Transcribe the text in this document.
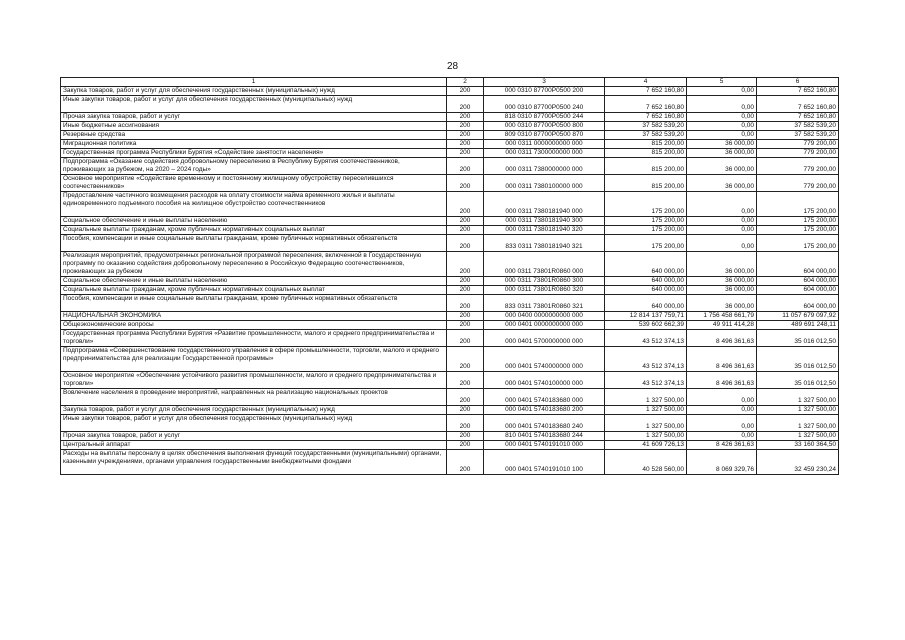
28
1	2	3	4	5	6
Закупка товаров, работ и услуг для обеспечения государственных (муниципальных) нужд	200	000 0310 87700P0500 200	7 652 160,80	0,00	7 652 160,80
Иные закупки товаров, работ и услуг для обеспечения государственных (муниципальных) нужд	200	000 0310 87700P0500 240	7 652 160,80	0,00	7 652 160,80
Прочая закупка товаров, работ и услуг	200	818 0310 87700P0500 244	7 652 160,80	0,00	7 652 160,80
Иные бюджетные ассигнования	200	000 0310 87700P0500 800	37 582 539,20	0,00	37 582 539,20
Резервные средства	200	809 0310 87700P0500 870	37 582 539,20	0,00	37 582 539,20
Миграционная политика	200	000 0311 0000000000 000	815 200,00	36 000,00	779 200,00
Государственная программа Республики Бурятия «Содействие занятости населения»	200	000 0311 7300000000 000	815 200,00	36 000,00	779 200,00
Подпрограмма «Оказание содействия добровольному переселению в Республику Бурятия соотечественников, проживающих за рубежом, на 2020 – 2024 годы»	200	000 0311 7380000000 000	815 200,00	36 000,00	779 200,00
Основное мероприятие «Содействие временному и постоянному жилищному обустройству переселившихся соотечественников»	200	000 0311 7380100000 000	815 200,00	36 000,00	779 200,00
Предоставление частичного возмещения расходов на оплату стоимости найма временного жилья и выплаты единовременного подъемного пособия на жилищное обустройство соотечественников	200	000 0311 7380181940 000	175 200,00	0,00	175 200,00
Социальное обеспечение и иные выплаты населению	200	000 0311 7380181940 300	175 200,00	0,00	175 200,00
Социальные выплаты гражданам, кроме публичных нормативных социальных выплат	200	000 0311 7380181940 320	175 200,00	0,00	175 200,00
Пособия, компенсации и иные социальные выплаты гражданам, кроме публичных нормативных обязательств	200	833 0311 7380181940 321	175 200,00	0,00	175 200,00
Реализация мероприятий, предусмотренных региональной программой переселения, включенной в Государственную программу по оказанию содействия добровольному переселению в Российскую Федерацию соотечественников, проживающих за рубежом	200	000 0311 73801R0860 000	640 000,00	36 000,00	604 000,00
Социальное обеспечение и иные выплаты населению	200	000 0311 73801R0860 300	640 000,00	36 000,00	604 000,00
Социальные выплаты гражданам, кроме публичных нормативных социальных выплат	200	000 0311 73801R0860 320	640 000,00	36 000,00	604 000,00
Пособия, компенсации и иные социальные выплаты гражданам, кроме публичных нормативных обязательств	200	833 0311 73801R0860 321	640 000,00	36 000,00	604 000,00
НАЦИОНАЛЬНАЯ ЭКОНОМИКА	200	000 0400 0000000000 000	12 814 137 759,71	1 756 458 661,79	11 057 679 097,92
Общеэкономические вопросы	200	000 0401 0000000000 000	539 602 662,39	49 911 414,28	489 691 248,11
Государственная программа Республики Бурятия «Развитие промышленности, малого и среднего предпринимательства и торговли»	200	000 0401 5700000000 000	43 512 374,13	8 496 361,63	35 016 012,50
Подпрограмма «Совершенствование государственного управления в сфере промышленности, торговли, малого и среднего предпринимательства для реализации Государственной программы»	200	000 0401 5740000000 000	43 512 374,13	8 496 361,63	35 016 012,50
Основное мероприятие «Обеспечение устойчивого развития промышленности, малого и среднего предпринимательства и торговли»	200	000 0401 5740100000 000	43 512 374,13	8 496 361,63	35 016 012,50
Вовлечение населения в проведение мероприятий, направленных на реализацию национальных проектов	200	000 0401 5740183680 000	1 327 500,00	0,00	1 327 500,00
Закупка товаров, работ и услуг для обеспечения государственных (муниципальных) нужд	200	000 0401 5740183680 200	1 327 500,00	0,00	1 327 500,00
Иные закупки товаров, работ и услуг для обеспечения государственных (муниципальных) нужд	200	000 0401 5740183680 240	1 327 500,00	0,00	1 327 500,00
Прочая закупка товаров, работ и услуг	200	810 0401 5740183680 244	1 327 500,00	0,00	1 327 500,00
Центральный аппарат	200	000 0401 5740191010 000	41 609 726,13	8 426 361,63	33 160 364,50
Расходы на выплаты персоналу в целях обеспечения выполнения функций государственными (муниципальными) органами, казенными учреждениями, органами управления государственными внебюджетными фондами	200	000 0401 5740191010 100	40 528 560,00	8 069 329,76	32 459 230,24
